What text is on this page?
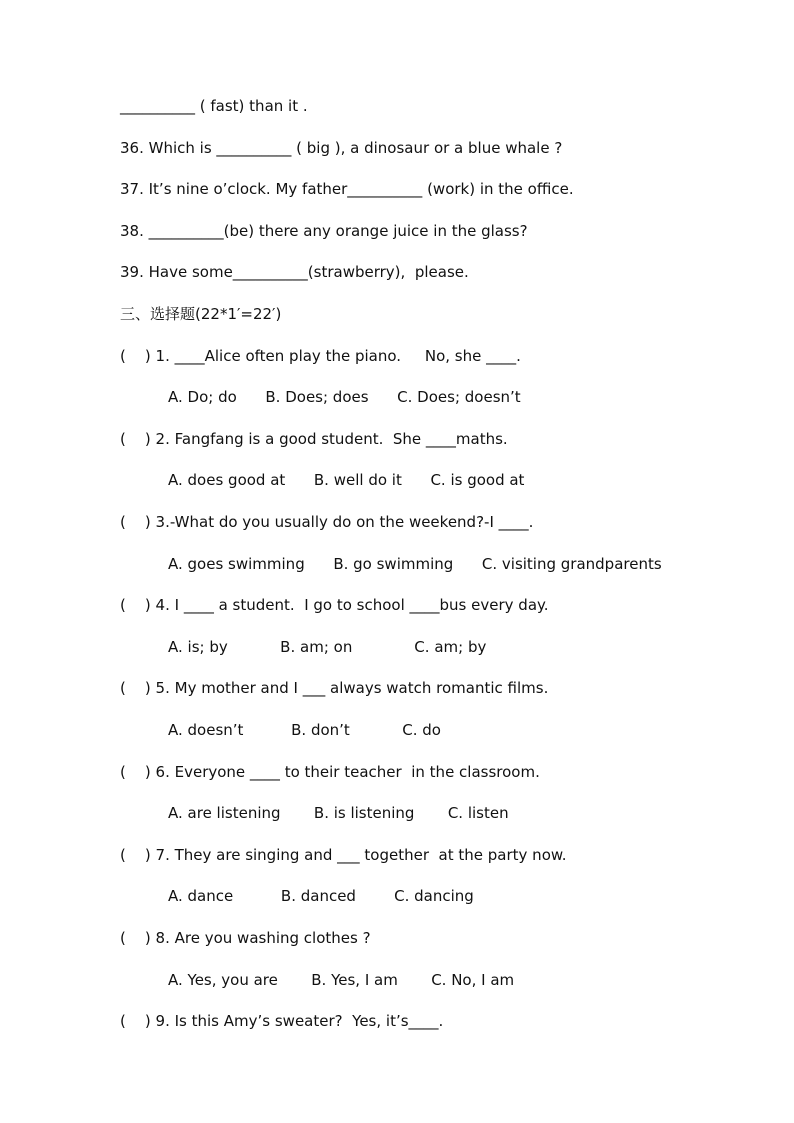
__________ ( fast) than it .
36. Which is __________ ( big ), a dinosaur or a blue whale ?
37. It’s nine o’clock. My father__________ (work) in the office.
38. __________(be) there any orange juice in the glass?
39. Have some__________(strawberry),  please.
三、选择题(22*1′=22′)
(    ) 1. ____Alice often play the piano.     No, she ____.
A. Do; do      B. Does; does      C. Does; doesn’t
(    ) 2. Fangfang is a good student.  She ____maths.
A. does good at      B. well do it      C. is good at
(    ) 3.-What do you usually do on the weekend?-I ____.
A. goes swimming      B. go swimming      C. visiting grandparents
(    ) 4. I ____ a student.  I go to school ____bus every day.
A. is; by           B. am; on             C. am; by
(    ) 5. My mother and I ___ always watch romantic films.
A. doesn’t          B. don’t           C. do
(    ) 6. Everyone ____ to their teacher  in the classroom.
A. are listening       B. is listening       C. listen
(    ) 7. They are singing and ___ together  at the party now.
A. dance          B. danced        C. dancing
(    ) 8. Are you washing clothes ?
A. Yes, you are       B. Yes, I am       C. No, I am
(    ) 9. Is this Amy’s sweater?  Yes, it’s____.
